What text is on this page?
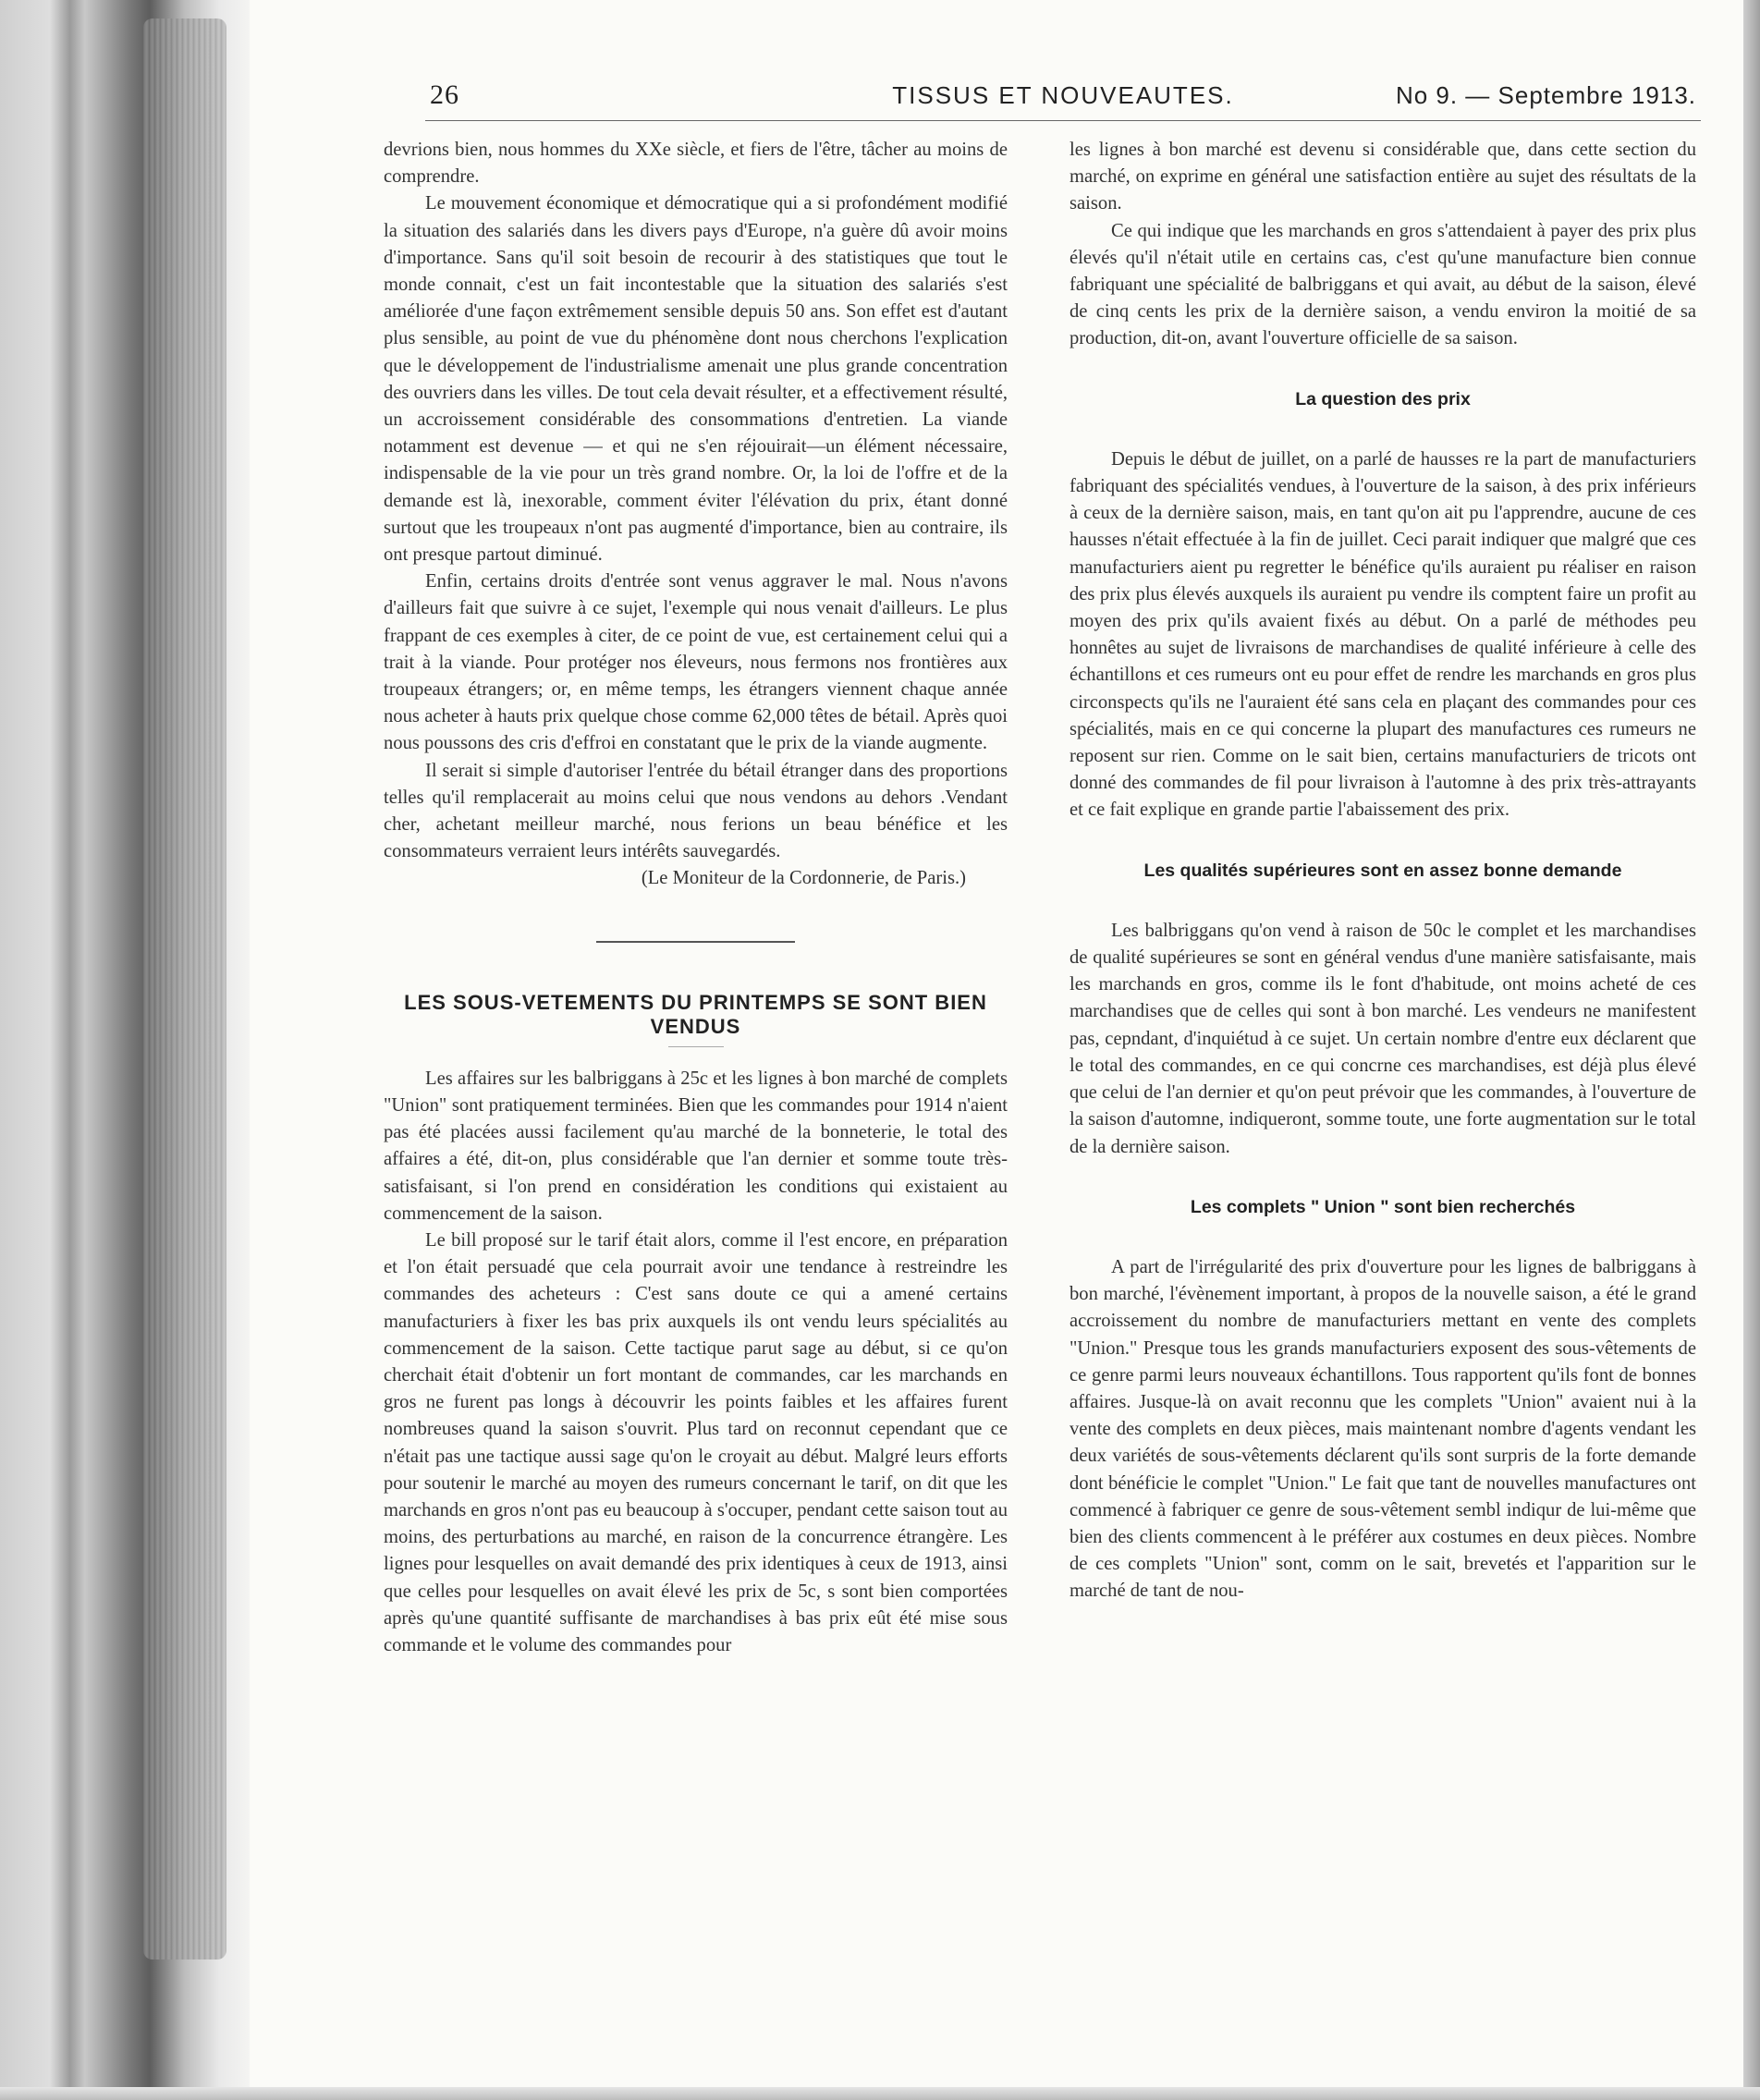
26	TISSUS ET NOUVEAUTES.	No 9. — Septembre 1913.

devrions bien, nous hommes du XXe siècle, et fiers de l'être, tâcher au moins de comprendre.

Le mouvement économique et démocratique qui a si profondément modifié la situation des salariés dans les divers pays d'Europe, n'a guère dû avoir moins d'importance. Sans qu'il soit besoin de recourir à des statistiques que tout le monde connait, c'est un fait incontestable que la situation des salariés s'est améliorée d'une façon extrêmement sensible depuis 50 ans. Son effet est d'autant plus sensible, au point de vue du phénomène dont nous cherchons l'explication que le développement de l'industrialisme amenait une plus grande concentration des ouvriers dans les villes. De tout cela devait résulter, et a effectivement résulté, un accroissement considérable des consommations d'entretien. La viande notamment est devenue — et qui ne s'en réjouirait—un élément nécessaire, indispensable de la vie pour un très grand nombre. Or, la loi de l'offre et de la demande est là, inexorable, comment éviter l'élévation du prix, étant donné surtout que les troupeaux n'ont pas augmenté d'importance, bien au contraire, ils ont presque partout diminué.

Enfin, certains droits d'entrée sont venus aggraver le mal. Nous n'avons d'ailleurs fait que suivre à ce sujet, l'exemple qui nous venait d'ailleurs. Le plus frappant de ces exemples à citer, de ce point de vue, est certainement celui qui a trait à la viande. Pour protéger nos éleveurs, nous fermons nos frontières aux troupeaux étrangers; or, en même temps, les étrangers viennent chaque année nous acheter à hauts prix quelque chose comme 62,000 têtes de bétail. Après quoi nous poussons des cris d'effroi en constatant que le prix de la viande augmente.

Il serait si simple d'autoriser l'entrée du bétail étranger dans des proportions telles qu'il remplacerait au moins celui que nous vendons au dehors .Vendant cher, achetant meilleur marché, nous ferions un beau bénéfice et les consommateurs verraient leurs intérêts sauvegardés.

(Le Moniteur de la Cordonnerie, de Paris.)

LES SOUS-VETEMENTS DU PRINTEMPS SE SONT BIEN VENDUS

Les affaires sur les balbriggans à 25c et les lignes à bon marché de complets "Union" sont pratiquement terminées. Bien que les commandes pour 1914 n'aient pas été placées aussi facilement qu'au marché de la bonneterie, le total des affaires a été, dit-on, plus considérable que l'an dernier et somme toute très-satisfaisant, si l'on prend en considération les conditions qui existaient au commencement de la saison.

Le bill proposé sur le tarif était alors, comme il l'est encore, en préparation et l'on était persuadé que cela pourrait avoir une tendance à restreindre les commandes des acheteurs : C'est sans doute ce qui a amené certains manufacturiers à fixer les bas prix auxquels ils ont vendu leurs spécialités au commencement de la saison. Cette tactique parut sage au début, si ce qu'on cherchait était d'obtenir un fort montant de commandes, car les marchands en gros ne furent pas longs à découvrir les points faibles et les affaires furent nombreuses quand la saison s'ouvrit. Plus tard on reconnut cependant que ce n'était pas une tactique aussi sage qu'on le croyait au début. Malgré leurs efforts pour soutenir le marché au moyen des rumeurs concernant le tarif, on dit que les marchands en gros n'ont pas eu beaucoup à s'occuper, pendant cette saison tout au moins, des perturbations au marché, en raison de la concurrence étrangère. Les lignes pour lesquelles on avait demandé des prix identiques à ceux de 1913, ainsi que celles pour lesquelles on avait élevé les prix de 5c, s sont bien comportées après qu'une quantité suffisante de marchandises à bas prix eût été mise sous commande et le volume des commandes pour

les lignes à bon marché est devenu si considérable que, dans cette section du marché, on exprime en général une satisfaction entière au sujet des résultats de la saison.

Ce qui indique que les marchands en gros s'attendaient à payer des prix plus élevés qu'il n'était utile en certains cas, c'est qu'une manufacture bien connue fabriquant une spécialité de balbriggans et qui avait, au début de la saison, élevé de cinq cents les prix de la dernière saison, a vendu environ la moitié de sa production, dit-on, avant l'ouverture officielle de sa saison.

La question des prix

Depuis le début de juillet, on a parlé de hausses re la part de manufacturiers fabriquant des spécialités vendues, à l'ouverture de la saison, à des prix inférieurs à ceux de la dernière saison, mais, en tant qu'on ait pu l'apprendre, aucune de ces hausses n'était effectuée à la fin de juillet. Ceci parait indiquer que malgré que ces manufacturiers aient pu regretter le bénéfice qu'ils auraient pu réaliser en raison des prix plus élevés auxquels ils auraient pu vendre ils comptent faire un profit au moyen des prix qu'ils avaient fixés au début. On a parlé de méthodes peu honnêtes au sujet de livraisons de marchandises de qualité inférieure à celle des échantillons et ces rumeurs ont eu pour effet de rendre les marchands en gros plus circonspects qu'ils ne l'auraient été sans cela en plaçant des commandes pour ces spécialités, mais en ce qui concerne la plupart des manufactures ces rumeurs ne reposent sur rien. Comme on le sait bien, certains manufacturiers de tricots ont donné des commandes de fil pour livraison à l'automne à des prix très-attrayants et ce fait explique en grande partie l'abaissement des prix.

Les qualités supérieures sont en assez bonne demande

Les balbriggans qu'on vend à raison de 50c le complet et les marchandises de qualité supérieures se sont en général vendus d'une manière satisfaisante, mais les marchands en gros, comme ils le font d'habitude, ont moins acheté de ces marchandises que de celles qui sont à bon marché. Les vendeurs ne manifestent pas, cepndant, d'inquiétud à ce sujet. Un certain nombre d'entre eux déclarent que le total des commandes, en ce qui concrne ces marchandises, est déjà plus élevé que celui de l'an dernier et qu'on peut prévoir que les commandes, à l'ouverture de la saison d'automne, indiqueront, somme toute, une forte augmentation sur le total de la dernière saison.

Les complets " Union " sont bien recherchés

A part de l'irrégularité des prix d'ouverture pour les lignes de balbriggans à bon marché, l'évènement important, à propos de la nouvelle saison, a été le grand accroissement du nombre de manufacturiers mettant en vente des complets "Union." Presque tous les grands manufacturiers exposent des sous-vêtements de ce genre parmi leurs nouveaux échantillons. Tous rapportent qu'ils font de bonnes affaires. Jusque-là on avait reconnu que les complets "Union" avaient nui à la vente des complets en deux pièces, mais maintenant nombre d'agents vendant les deux variétés de sous-vêtements déclarent qu'ils sont surpris de la forte demande dont bénéficie le complet "Union." Le fait que tant de nouvelles manufactures ont commencé à fabriquer ce genre de sous-vêtement sembl indiqur de lui-même que bien des clients commencent à le préférer aux costumes en deux pièces. Nombre de ces complets "Union" sont, comm on le sait, brevetés et l'apparition sur le marché de tant de nou-
